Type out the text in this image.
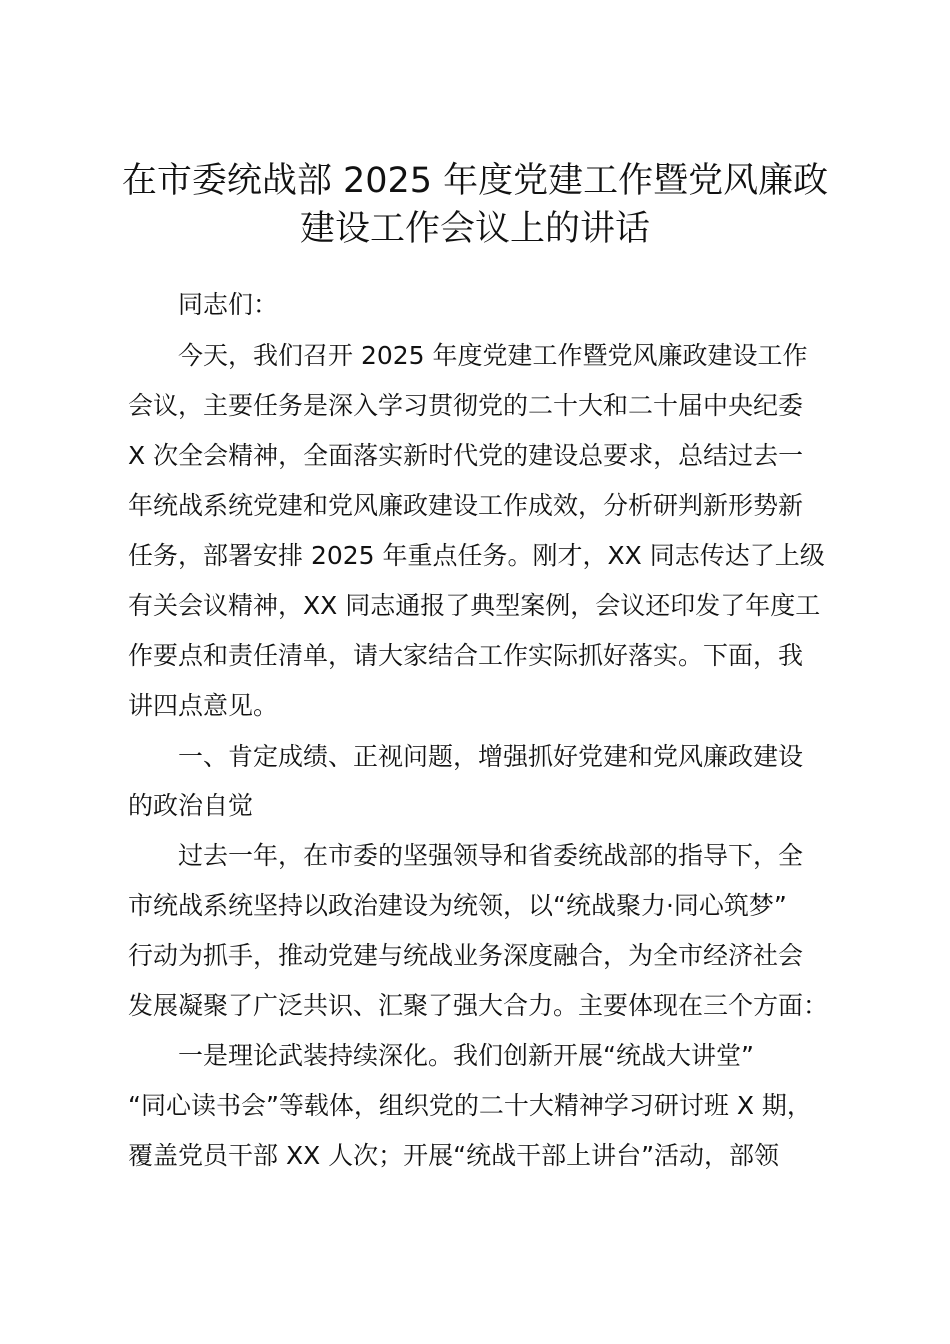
在市委统战部 2025 年度党建工作暨党风廉政
建设工作会议上的讲话
同志们：
今天，我们召开 2025 年度党建工作暨党风廉政建设工作
会议，主要任务是深入学习贯彻党的二十大和二十届中央纪委
X 次全会精神，全面落实新时代党的建设总要求，总结过去一
年统战系统党建和党风廉政建设工作成效，分析研判新形势新
任务，部署安排 2025 年重点任务。刚才，XX 同志传达了上级
有关会议精神，XX 同志通报了典型案例，会议还印发了年度工
作要点和责任清单，请大家结合工作实际抓好落实。下面，我
讲四点意见。
一、肯定成绩、正视问题，增强抓好党建和党风廉政建设
的政治自觉
过去一年，在市委的坚强领导和省委统战部的指导下，全
市统战系统坚持以政治建设为统领，以“统战聚力·同心筑梦”
行动为抓手，推动党建与统战业务深度融合，为全市经济社会
发展凝聚了广泛共识、汇聚了强大合力。主要体现在三个方面：
一是理论武装持续深化。我们创新开展“统战大讲堂”
“同心读书会”等载体，组织党的二十大精神学习研讨班 X 期，
覆盖党员干部 XX 人次；开展“统战干部上讲台”活动，部领
